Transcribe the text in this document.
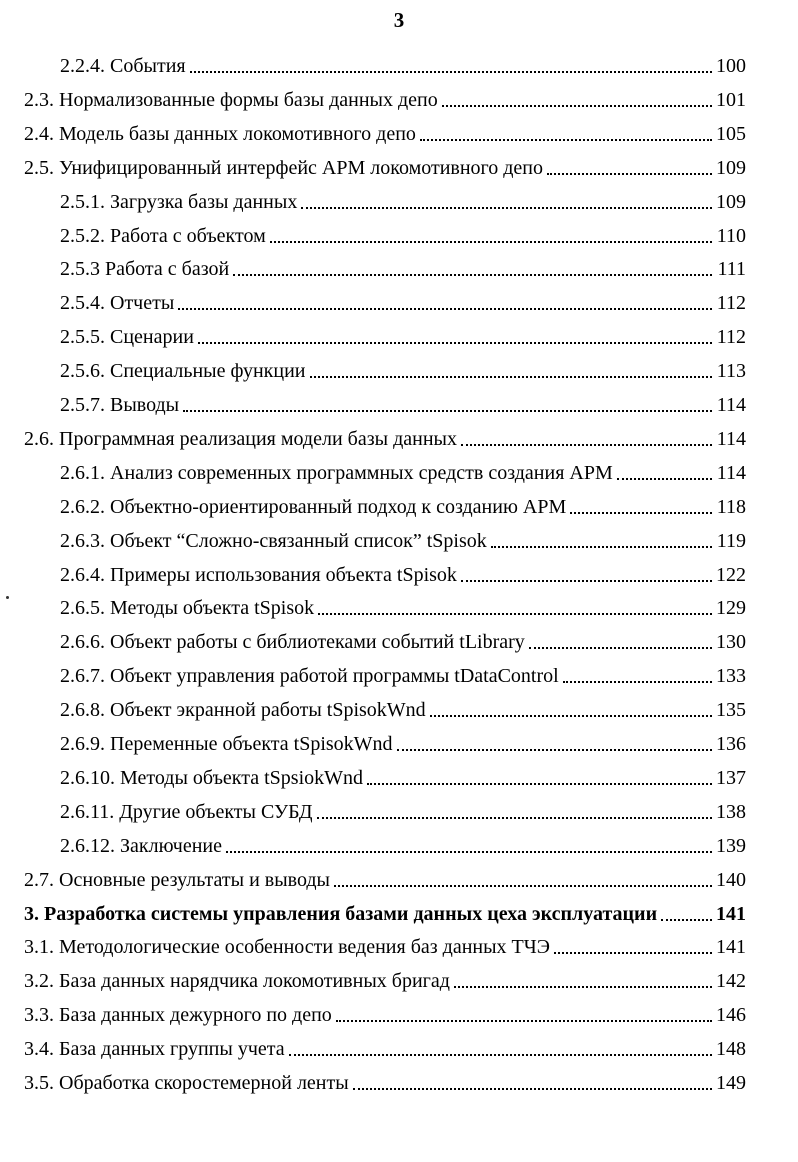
3
2.2.4. События	100
2.3. Нормализованные формы базы данных депо	101
2.4. Модель базы данных локомотивного депо	105
2.5. Унифицированный интерфейс АРМ локомотивного депо	109
2.5.1. Загрузка базы данных	109
2.5.2. Работа с объектом	110
2.5.3 Работа с базой	111
2.5.4. Отчеты	112
2.5.5. Сценарии	112
2.5.6. Специальные функции	113
2.5.7. Выводы	114
2.6. Программная реализация модели базы данных	114
2.6.1. Анализ современных программных средств создания АРМ	114
2.6.2. Объектно-ориентированный подход к созданию АРМ	118
2.6.3. Объект “Сложно-связанный список” tSpisok	119
2.6.4. Примеры использования объекта tSpisok	122
2.6.5. Методы объекта tSpisok	129
2.6.6. Объект работы с библиотеками событий tLibrary	130
2.6.7. Объект управления работой программы tDataControl	133
2.6.8. Объект экранной работы tSpisokWnd	135
2.6.9. Переменные объекта tSpisokWnd	136
2.6.10. Методы объекта tSpsiokWnd	137
2.6.11. Другие объекты СУБД	138
2.6.12. Заключение	139
2.7. Основные результаты и выводы	140
3. Разработка системы управления базами данных цеха эксплуатации	141
3.1. Методологические особенности ведения баз данных ТЧЭ	141
3.2. База данных нарядчика локомотивных бригад	142
3.3. База данных дежурного по депо	146
3.4. База данных группы учета	148
3.5. Обработка скоростемерной ленты	149
